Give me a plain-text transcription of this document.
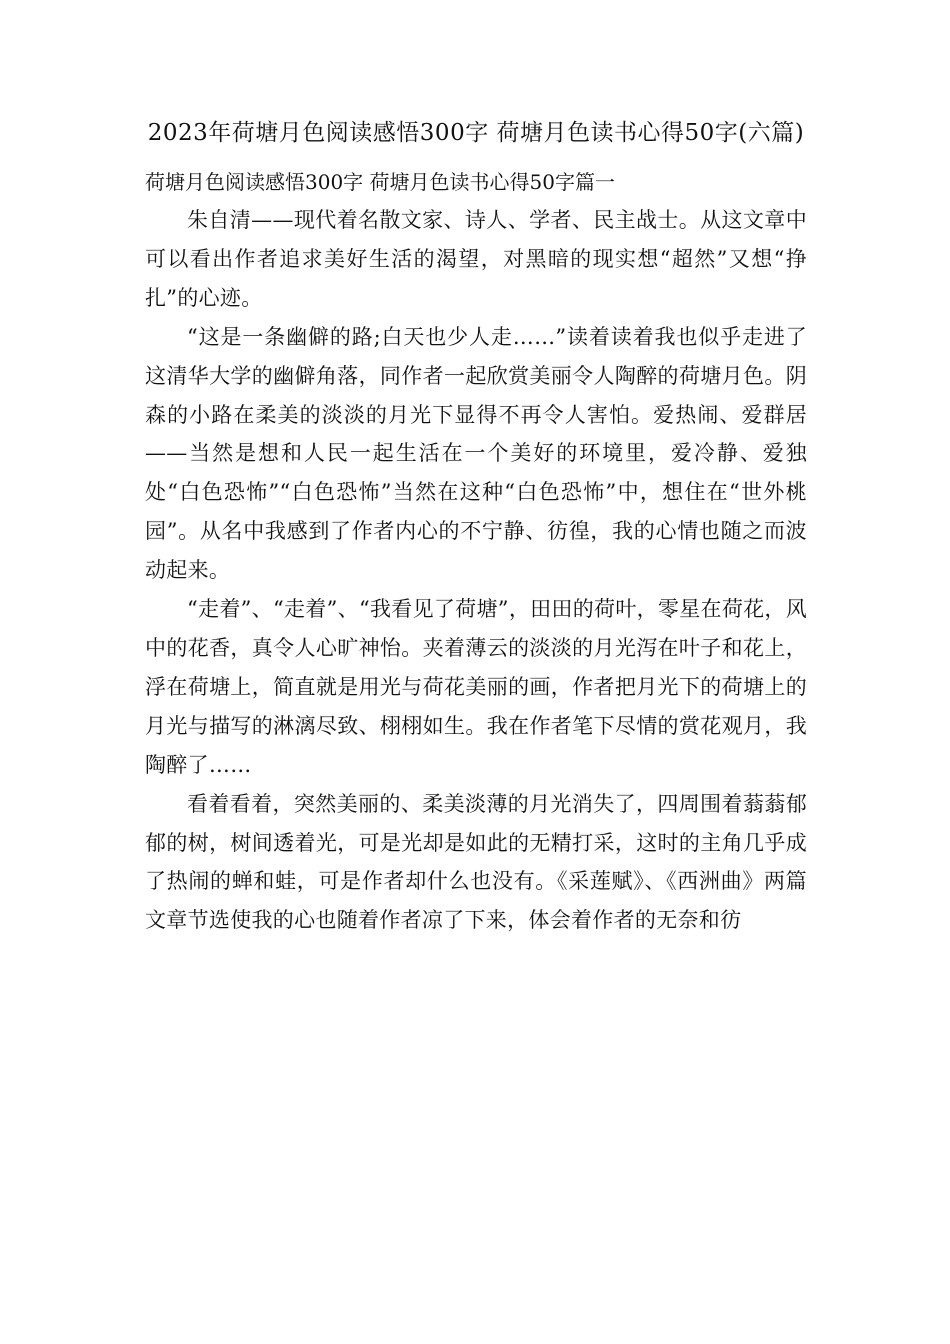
2023年荷塘月色阅读感悟300字 荷塘月色读书心得50字(六篇)
荷塘月色阅读感悟300字 荷塘月色读书心得50字篇一

朱自清——现代着名散文家、诗人、学者、民主战士。从这文章中可以看出作者追求美好生活的渴望，对黑暗的现实想“超然”又想“挣扎”的心迹。

“这是一条幽僻的路;白天也少人走……”读着读着我也似乎走进了这清华大学的幽僻角落，同作者一起欣赏美丽令人陶醉的荷塘月色。阴森的小路在柔美的淡淡的月光下显得不再令人害怕。爱热闹、爱群居——当然是想和人民一起生活在一个美好的环境里，爱冷静、爱独处“白色恐怖”“白色恐怖”当然在这种“白色恐怖”中，想住在“世外桃园”。从名中我感到了作者内心的不宁静、彷徨，我的心情也随之而波动起来。

“走着”、“走着”、“我看见了荷塘”，田田的荷叶，零星在荷花，风中的花香，真令人心旷神怡。夹着薄云的淡淡的月光泻在叶子和花上，浮在荷塘上，简直就是用光与荷花美丽的画，作者把月光下的荷塘上的月光与描写的淋漓尽致、栩栩如生。我在作者笔下尽情的赏花观月，我陶醉了……

看着看着，突然美丽的、柔美淡薄的月光消失了，四周围着蓊蓊郁郁的树，树间透着光，可是光却是如此的无精打采，这时的主角几乎成了热闹的蝉和蛙，可是作者却什么也没有。《采莲赋》、《西洲曲》两篇文章节选使我的心也随着作者凉了下来，体会着作者的无奈和彷
